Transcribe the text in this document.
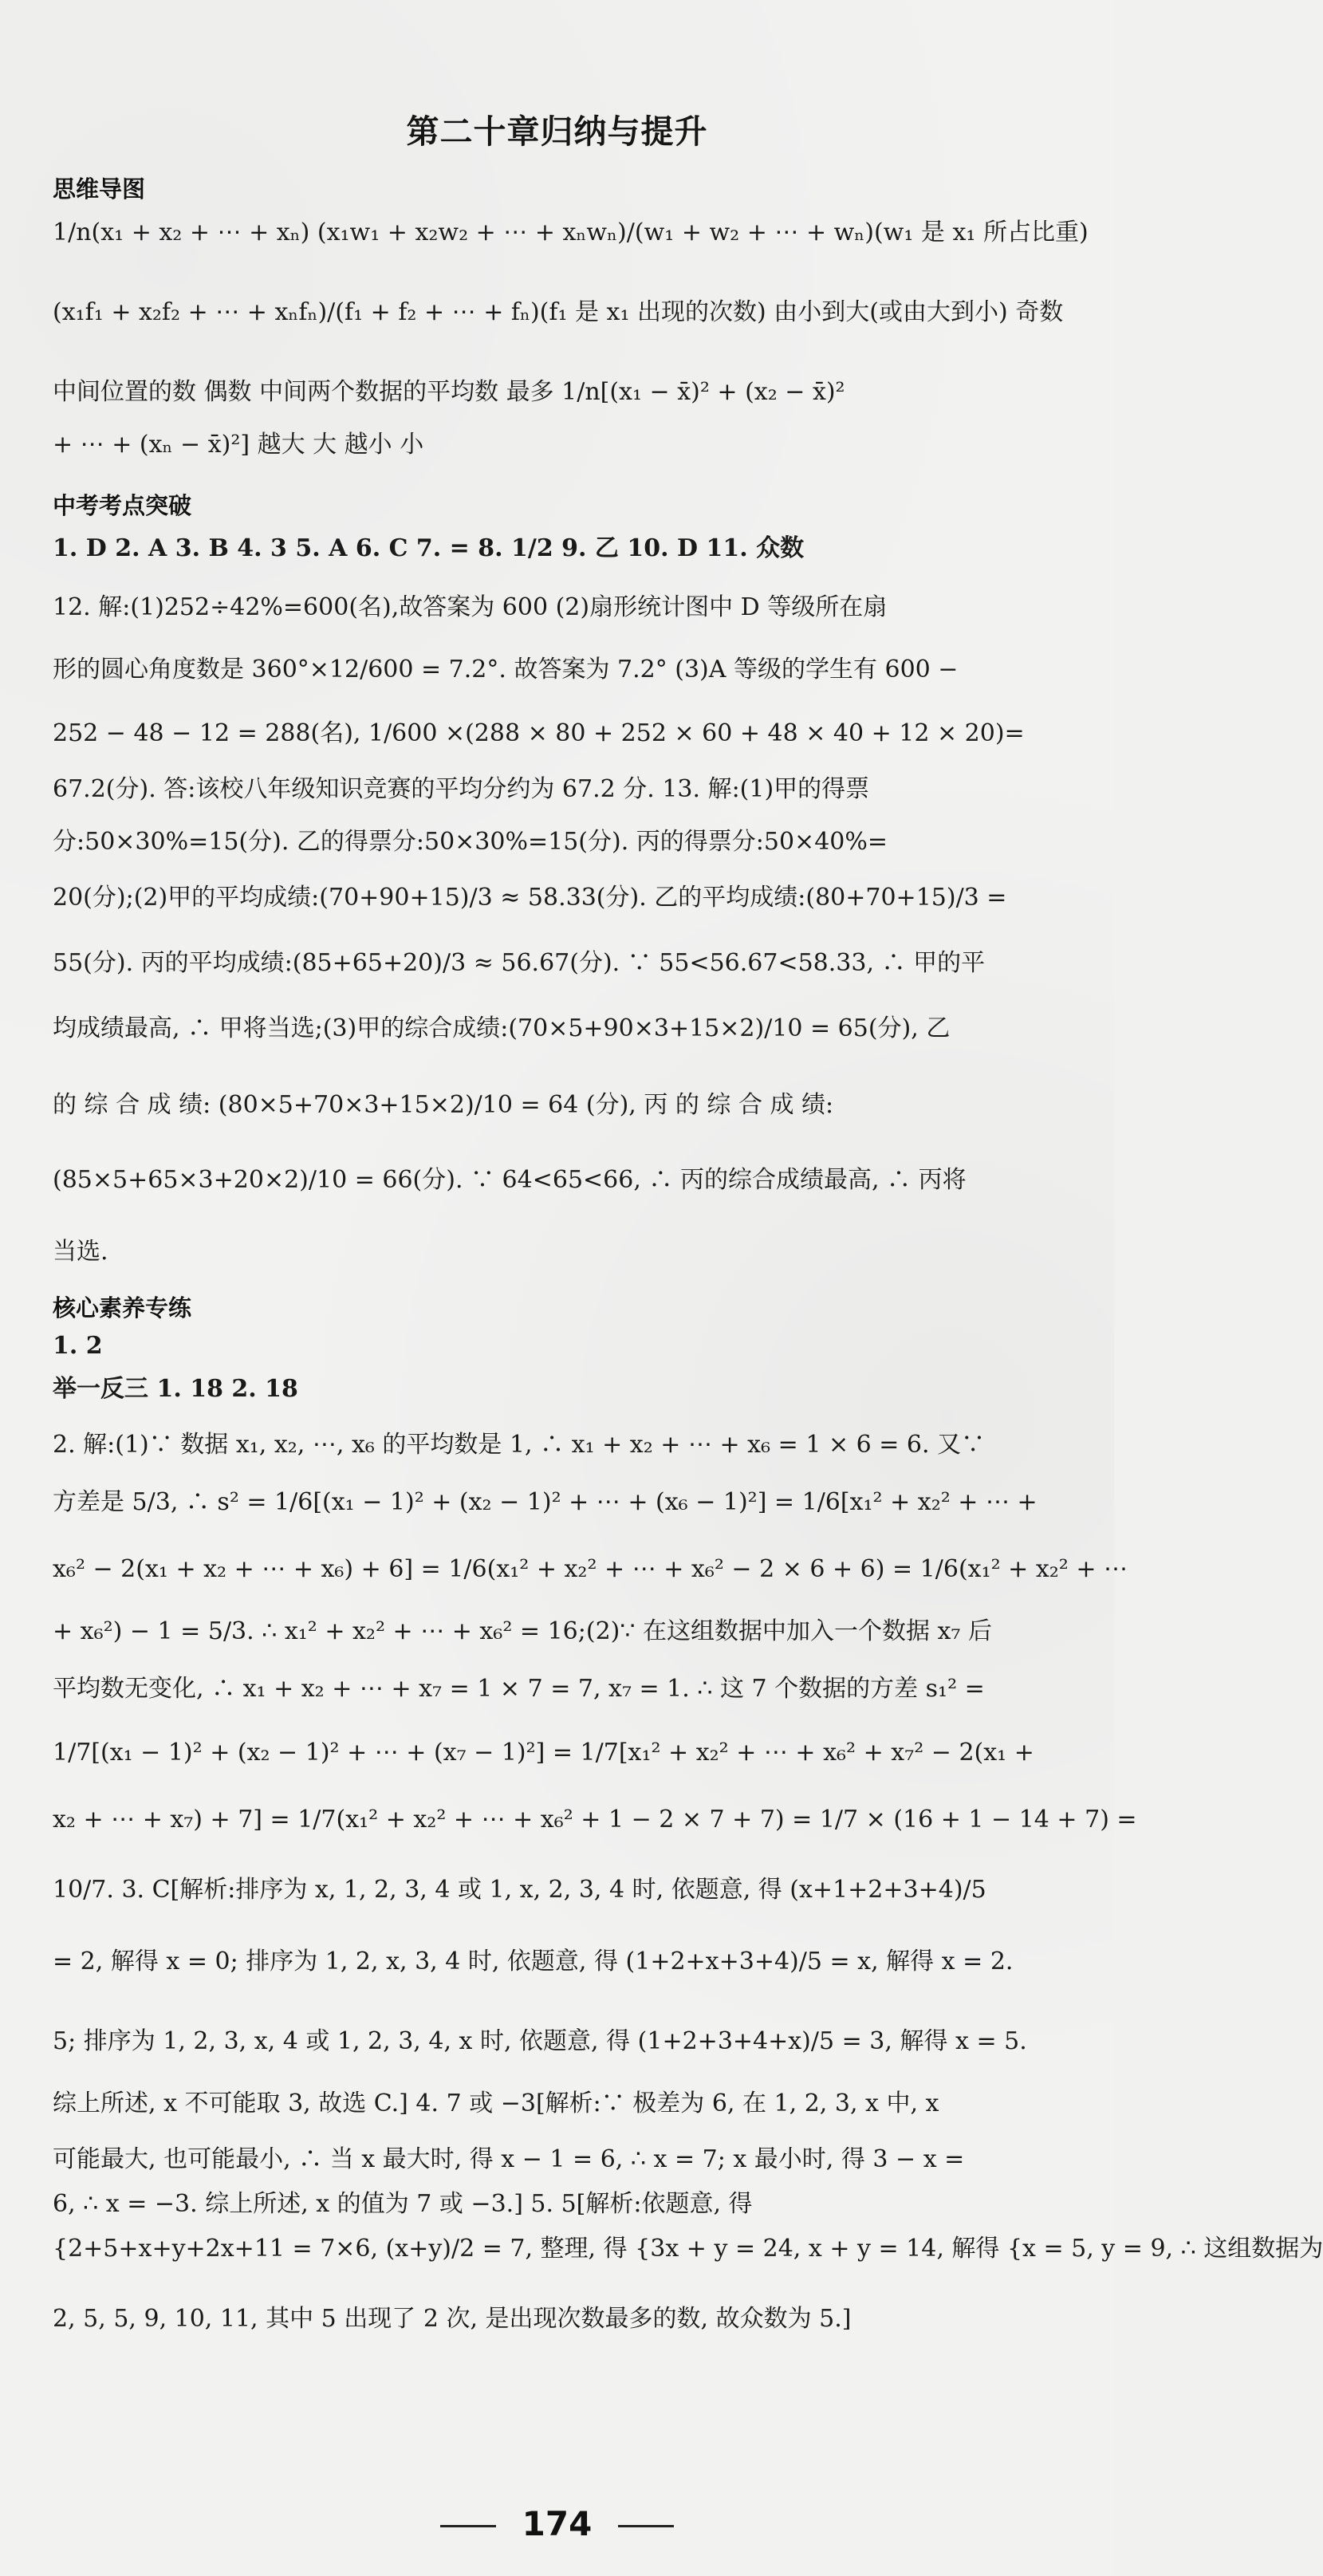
第二十章归纳与提升
思维导图
1/n(x₁ + x₂ + ⋯ + xₙ) (x₁w₁ + x₂w₂ + ⋯ + xₙwₙ)/(w₁ + w₂ + ⋯ + wₙ)(w₁ 是 x₁ 所占比重)
(x₁f₁ + x₂f₂ + ⋯ + xₙfₙ)/(f₁ + f₂ + ⋯ + fₙ)(f₁ 是 x₁ 出现的次数) 由小到大(或由大到小) 奇数
中间位置的数 偶数 中间两个数据的平均数 最多 1/n[(x₁ − x̄)² + (x₂ − x̄)²
+ ⋯ + (xₙ − x̄)²] 越大 大 越小 小
中考考点突破
1. D 2. A 3. B 4. 3 5. A 6. C 7. = 8. 1/2 9. 乙 10. D 11. 众数
12. 解:(1)252÷42%=600(名),故答案为 600 (2)扇形统计图中 D 等级所在扇
形的圆心角度数是 360°×12/600 = 7.2°. 故答案为 7.2° (3)A 等级的学生有 600 −
252 − 48 − 12 = 288(名), 1/600 ×(288 × 80 + 252 × 60 + 48 × 40 + 12 × 20)=
67.2(分). 答:该校八年级知识竞赛的平均分约为 67.2 分. 13. 解:(1)甲的得票
分:50×30%=15(分). 乙的得票分:50×30%=15(分). 丙的得票分:50×40%=
20(分);(2)甲的平均成绩:(70+90+15)/3 ≈ 58.33(分). 乙的平均成绩:(80+70+15)/3 =
55(分). 丙的平均成绩:(85+65+20)/3 ≈ 56.67(分). ∵ 55<56.67<58.33, ∴ 甲的平
均成绩最高, ∴ 甲将当选;(3)甲的综合成绩:(70×5+90×3+15×2)/10 = 65(分), 乙
的 综 合 成 绩: (80×5+70×3+15×2)/10 = 64 (分), 丙 的 综 合 成 绩:
(85×5+65×3+20×2)/10 = 66(分). ∵ 64<65<66, ∴ 丙的综合成绩最高, ∴ 丙将
当选.
核心素养专练
1. 2
举一反三 1. 18 2. 18
2. 解:(1)∵ 数据 x₁, x₂, ⋯, x₆ 的平均数是 1, ∴ x₁ + x₂ + ⋯ + x₆ = 1 × 6 = 6. 又∵
方差是 5/3, ∴ s² = 1/6[(x₁ − 1)² + (x₂ − 1)² + ⋯ + (x₆ − 1)²] = 1/6[x₁² + x₂² + ⋯ +
x₆² − 2(x₁ + x₂ + ⋯ + x₆) + 6] = 1/6(x₁² + x₂² + ⋯ + x₆² − 2 × 6 + 6) = 1/6(x₁² + x₂² + ⋯
+ x₆²) − 1 = 5/3. ∴ x₁² + x₂² + ⋯ + x₆² = 16;(2)∵ 在这组数据中加入一个数据 x₇ 后
平均数无变化, ∴ x₁ + x₂ + ⋯ + x₇ = 1 × 7 = 7, x₇ = 1. ∴ 这 7 个数据的方差 s₁² =
1/7[(x₁ − 1)² + (x₂ − 1)² + ⋯ + (x₇ − 1)²] = 1/7[x₁² + x₂² + ⋯ + x₆² + x₇² − 2(x₁ +
x₂ + ⋯ + x₇) + 7] = 1/7(x₁² + x₂² + ⋯ + x₆² + 1 − 2 × 7 + 7) = 1/7 × (16 + 1 − 14 + 7) =
10/7. 3. C[解析:排序为 x, 1, 2, 3, 4 或 1, x, 2, 3, 4 时, 依题意, 得 (x+1+2+3+4)/5
= 2, 解得 x = 0; 排序为 1, 2, x, 3, 4 时, 依题意, 得 (1+2+x+3+4)/5 = x, 解得 x = 2.
5; 排序为 1, 2, 3, x, 4 或 1, 2, 3, 4, x 时, 依题意, 得 (1+2+3+4+x)/5 = 3, 解得 x = 5.
综上所述, x 不可能取 3, 故选 C.] 4. 7 或 −3[解析:∵ 极差为 6, 在 1, 2, 3, x 中, x
可能最大, 也可能最小, ∴ 当 x 最大时, 得 x − 1 = 6, ∴ x = 7; x 最小时, 得 3 − x =
6, ∴ x = −3. 综上所述, x 的值为 7 或 −3.] 5. 5[解析:依题意, 得
{2+5+x+y+2x+11 = 7×6, (x+y)/2 = 7, 整理, 得 {3x + y = 24, x + y = 14, 解得 {x = 5, y = 9, ∴ 这组数据为
2, 5, 5, 9, 10, 11, 其中 5 出现了 2 次, 是出现次数最多的数, 故众数为 5.]
174
